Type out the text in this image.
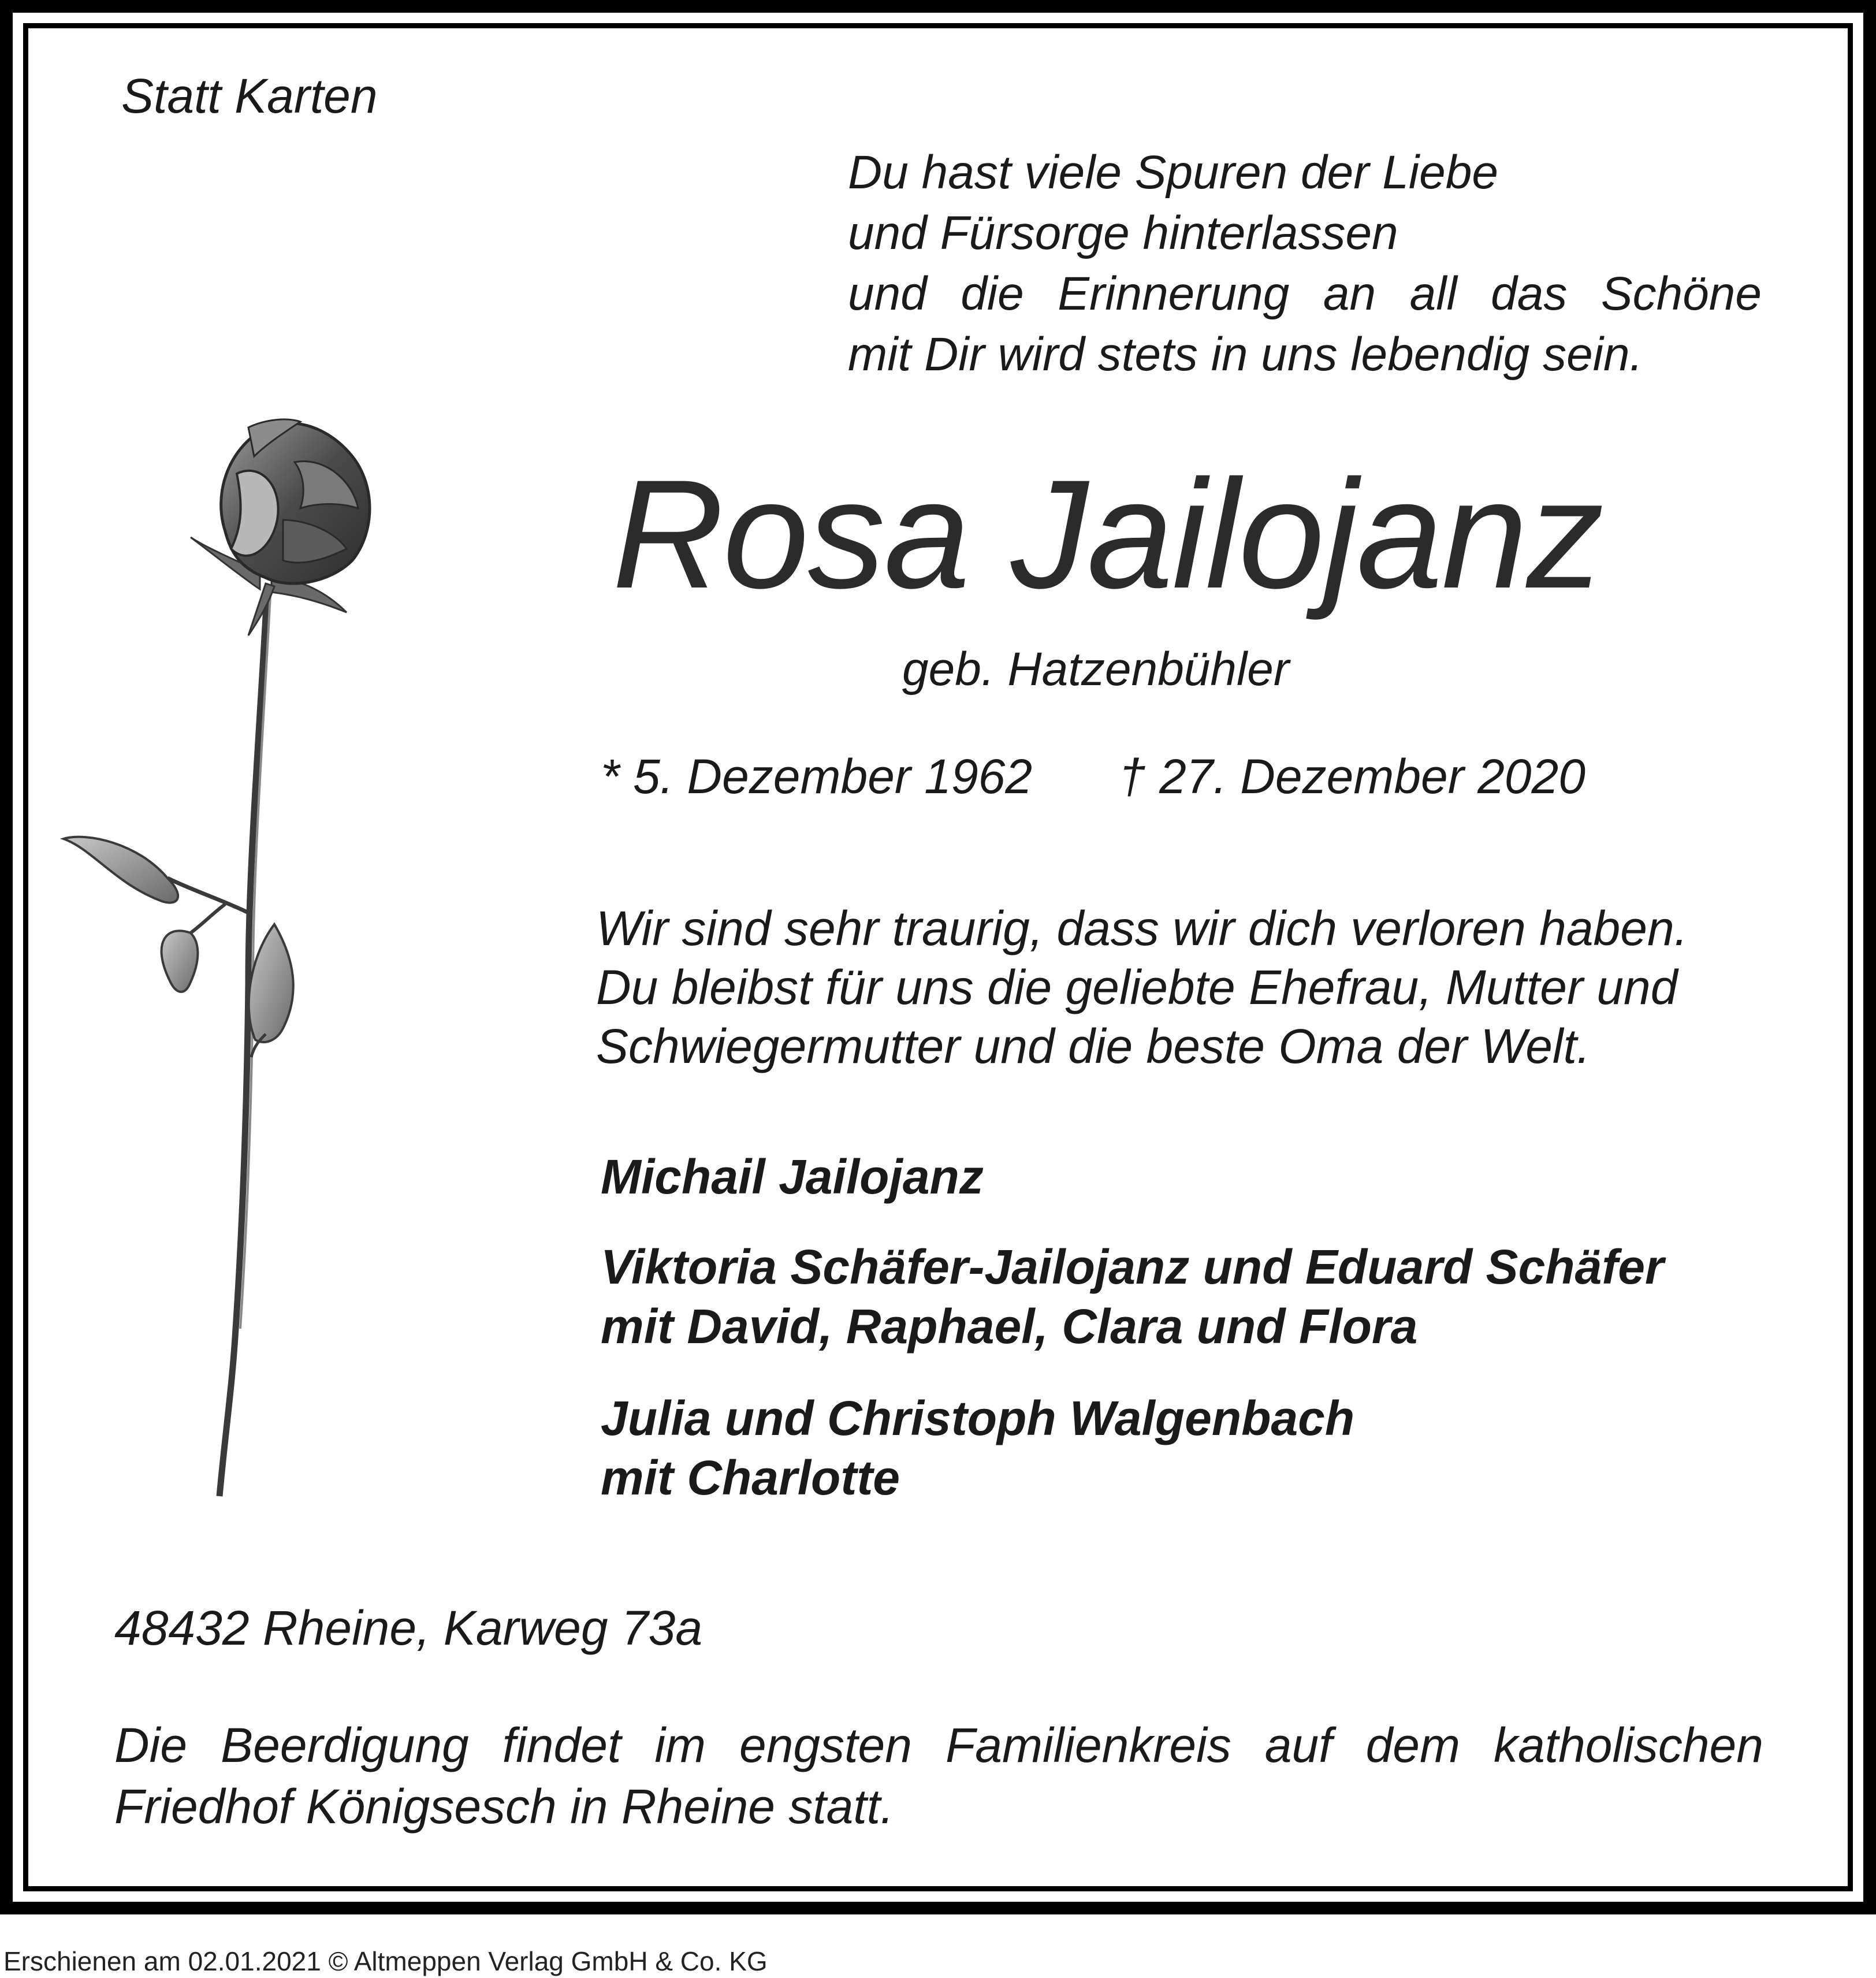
Statt Karten

Du hast viele Spuren der Liebe
und Fürsorge hinterlassen
und die Erinnerung an all das Schöne
mit Dir wird stets in uns lebendig sein.

Rosa Jailojanz

geb. Hatzenbühler

* 5. Dezember 1962 † 27. Dezember 2020

Wir sind sehr traurig, dass wir dich verloren haben.
Du bleibst für uns die geliebte Ehefrau, Mutter und
Schwiegermutter und die beste Oma der Welt.
Michail Jailojanz
Viktoria Schäfer-Jailojanz und Eduard Schäfer
mit David, Raphael, Clara und Flora
Julia und Christoph Walgenbach
mit Charlotte

48432 Rheine, Karweg 73a

Die Beerdigung findet im engsten Familienkreis auf dem katholischen
Friedhof Königsesch in Rheine statt.

Erschienen am 02.01.2021 © Altmeppen Verlag GmbH & Co. KG
